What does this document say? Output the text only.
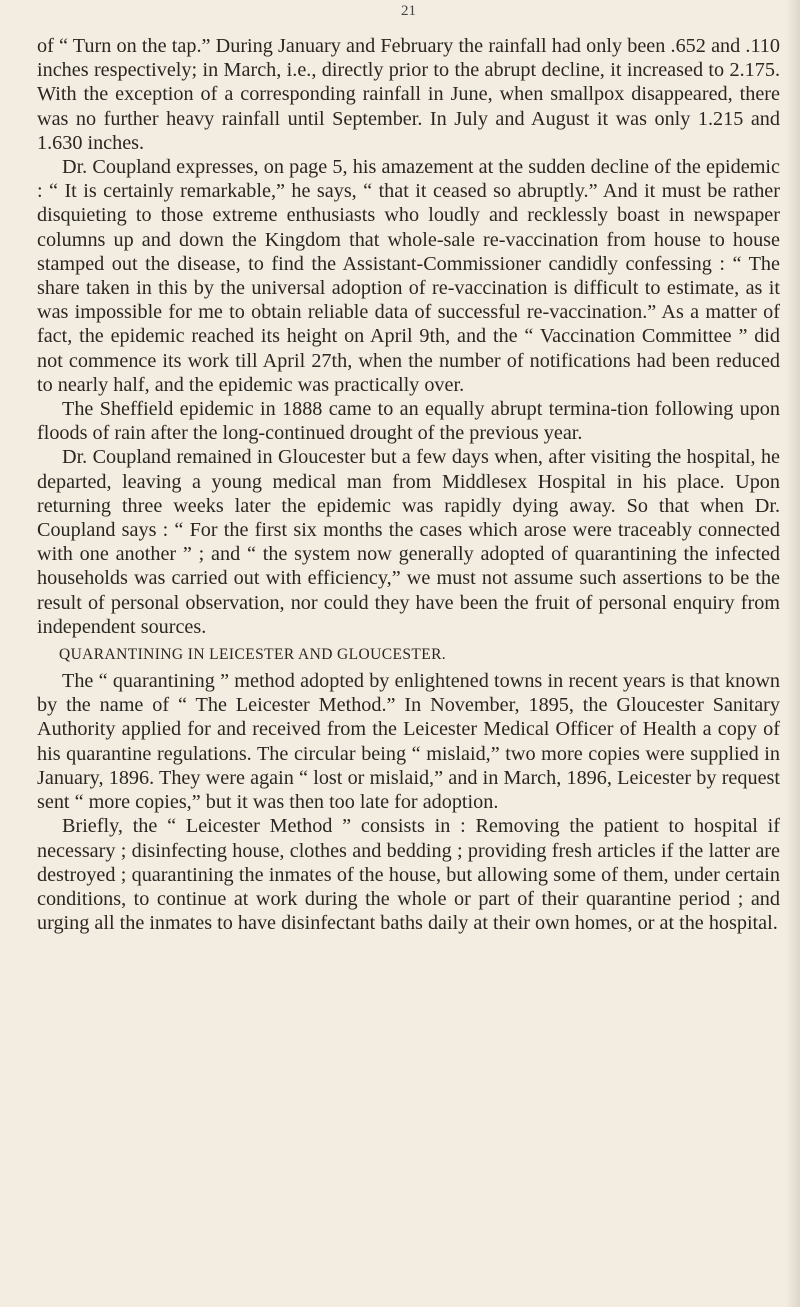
21

of “ Turn on the tap.” During January and February the rainfall had only been .652 and .110 inches respectively; in March, i.e., directly prior to the abrupt decline, it increased to 2.175. With the exception of a corresponding rainfall in June, when smallpox disappeared, there was no further heavy rainfall until September. In July and August it was only 1.215 and 1.630 inches.

Dr. Coupland expresses, on page 5, his amazement at the sudden decline of the epidemic : “ It is certainly remarkable,” he says, “ that it ceased so abruptly.” And it must be rather disquieting to those extreme enthusiasts who loudly and recklessly boast in newspaper columns up and down the Kingdom that whole-sale re-vaccination from house to house stamped out the disease, to find the Assistant-Commissioner candidly confessing : “ The share taken in this by the universal adoption of re-vaccination is difficult to estimate, as it was impossible for me to obtain reliable data of successful re-vaccination.” As a matter of fact, the epidemic reached its height on April 9th, and the “ Vaccination Committee ” did not commence its work till April 27th, when the number of notifications had been reduced to nearly half, and the epidemic was practically over.

The Sheffield epidemic in 1888 came to an equally abrupt termina-tion following upon floods of rain after the long-continued drought of the previous year.

Dr. Coupland remained in Gloucester but a few days when, after visiting the hospital, he departed, leaving a young medical man from Middlesex Hospital in his place. Upon returning three weeks later the epidemic was rapidly dying away. So that when Dr. Coupland says : “ For the first six months the cases which arose were traceably connected with one another ” ; and “ the system now generally adopted of quarantining the infected households was carried out with efficiency,” we must not assume such assertions to be the result of personal observation, nor could they have been the fruit of personal enquiry from independent sources.

QUARANTINING IN LEICESTER AND GLOUCESTER.

The “ quarantining ” method adopted by enlightened towns in recent years is that known by the name of “ The Leicester Method.” In November, 1895, the Gloucester Sanitary Authority applied for and received from the Leicester Medical Officer of Health a copy of his quarantine regulations. The circular being “ mislaid,” two more copies were supplied in January, 1896. They were again “ lost or mislaid,” and in March, 1896, Leicester by request sent “ more copies,” but it was then too late for adoption.

Briefly, the “ Leicester Method ” consists in : Removing the patient to hospital if necessary ; disinfecting house, clothes and bedding ; providing fresh articles if the latter are destroyed ; quarantining the inmates of the house, but allowing some of them, under certain conditions, to continue at work during the whole or part of their quarantine period ; and urging all the inmates to have disinfectant baths daily at their own homes, or at the hospital.
